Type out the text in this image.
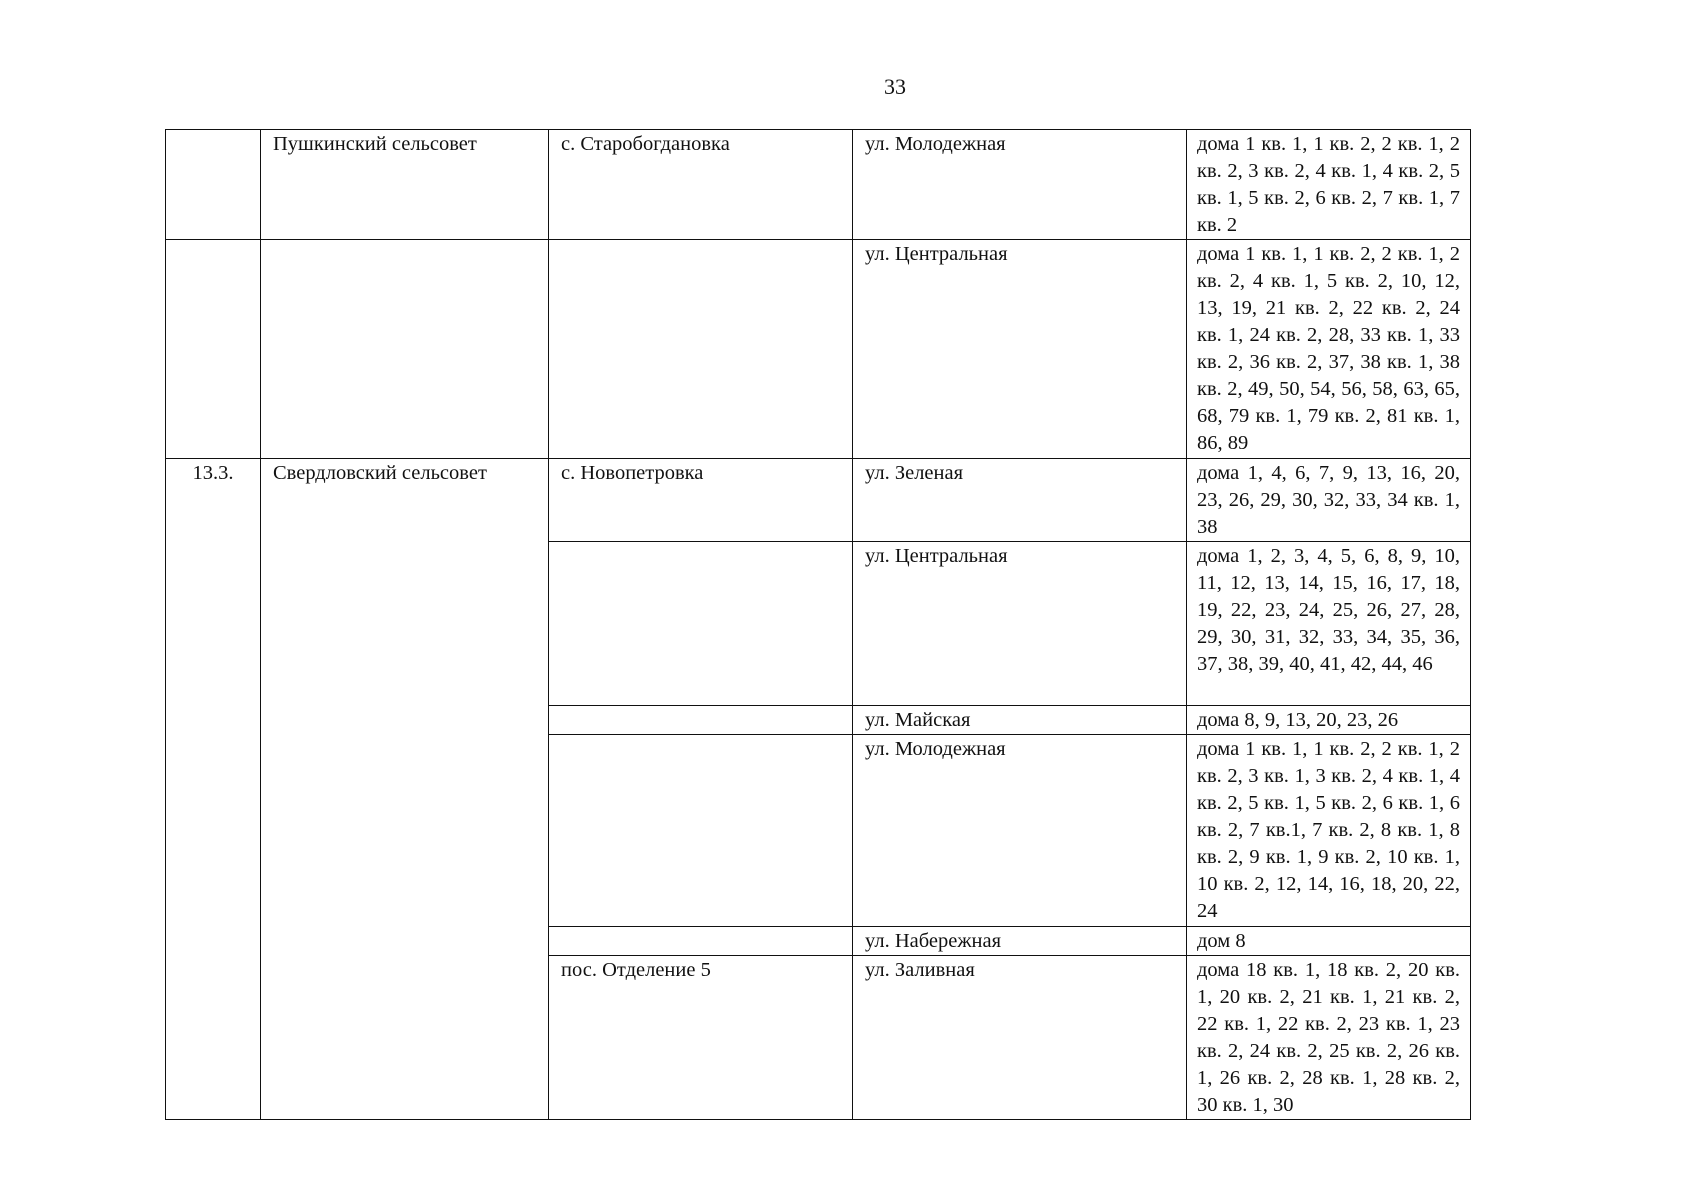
33
	Пушкинский сельсовет	с. Старобогдановка	ул. Молодежная	дома 1 кв. 1, 1 кв. 2, 2 кв. 1, 2 кв. 2, 3 кв. 2, 4 кв. 1, 4 кв. 2, 5 кв. 1, 5 кв. 2, 6 кв. 2, 7 кв. 1, 7 кв. 2
			ул. Центральная	дома 1 кв. 1, 1 кв. 2, 2 кв. 1, 2 кв. 2, 4 кв. 1, 5 кв. 2, 10, 12, 13, 19, 21 кв. 2, 22 кв. 2, 24 кв. 1, 24 кв. 2, 28, 33 кв. 1, 33 кв. 2, 36 кв. 2, 37, 38 кв. 1, 38 кв. 2, 49, 50, 54, 56, 58, 63, 65, 68, 79 кв. 1, 79 кв. 2, 81 кв. 1, 86, 89
13.3.	Свердловский сельсовет	с. Новопетровка	ул. Зеленая	дома 1, 4, 6, 7, 9, 13, 16, 20, 23, 26, 29, 30, 32, 33, 34 кв. 1, 38
			ул. Центральная	дома 1, 2, 3, 4, 5, 6, 8, 9, 10, 11, 12, 13, 14, 15, 16, 17, 18, 19, 22, 23, 24, 25, 26, 27, 28, 29, 30, 31, 32, 33, 34, 35, 36, 37, 38, 39, 40, 41, 42, 44, 46
			ул. Майская	дома 8, 9, 13, 20, 23, 26
			ул. Молодежная	дома 1 кв. 1, 1 кв. 2, 2 кв. 1, 2 кв. 2, 3 кв. 1, 3 кв. 2, 4 кв. 1, 4 кв. 2, 5 кв. 1, 5 кв. 2, 6 кв. 1, 6 кв. 2, 7 кв.1, 7 кв. 2, 8 кв. 1, 8 кв. 2, 9 кв. 1, 9 кв. 2, 10 кв. 1, 10 кв. 2, 12, 14, 16, 18, 20, 22, 24
			ул. Набережная	дом 8
		пос. Отделение 5	ул. Заливная	дома 18 кв. 1, 18 кв. 2, 20 кв. 1, 20 кв. 2, 21 кв. 1, 21 кв. 2, 22 кв. 1, 22 кв. 2, 23 кв. 1, 23 кв. 2, 24 кв. 2, 25 кв. 2, 26 кв. 1, 26 кв. 2, 28 кв. 1, 28 кв. 2, 30 кв. 1, 30
